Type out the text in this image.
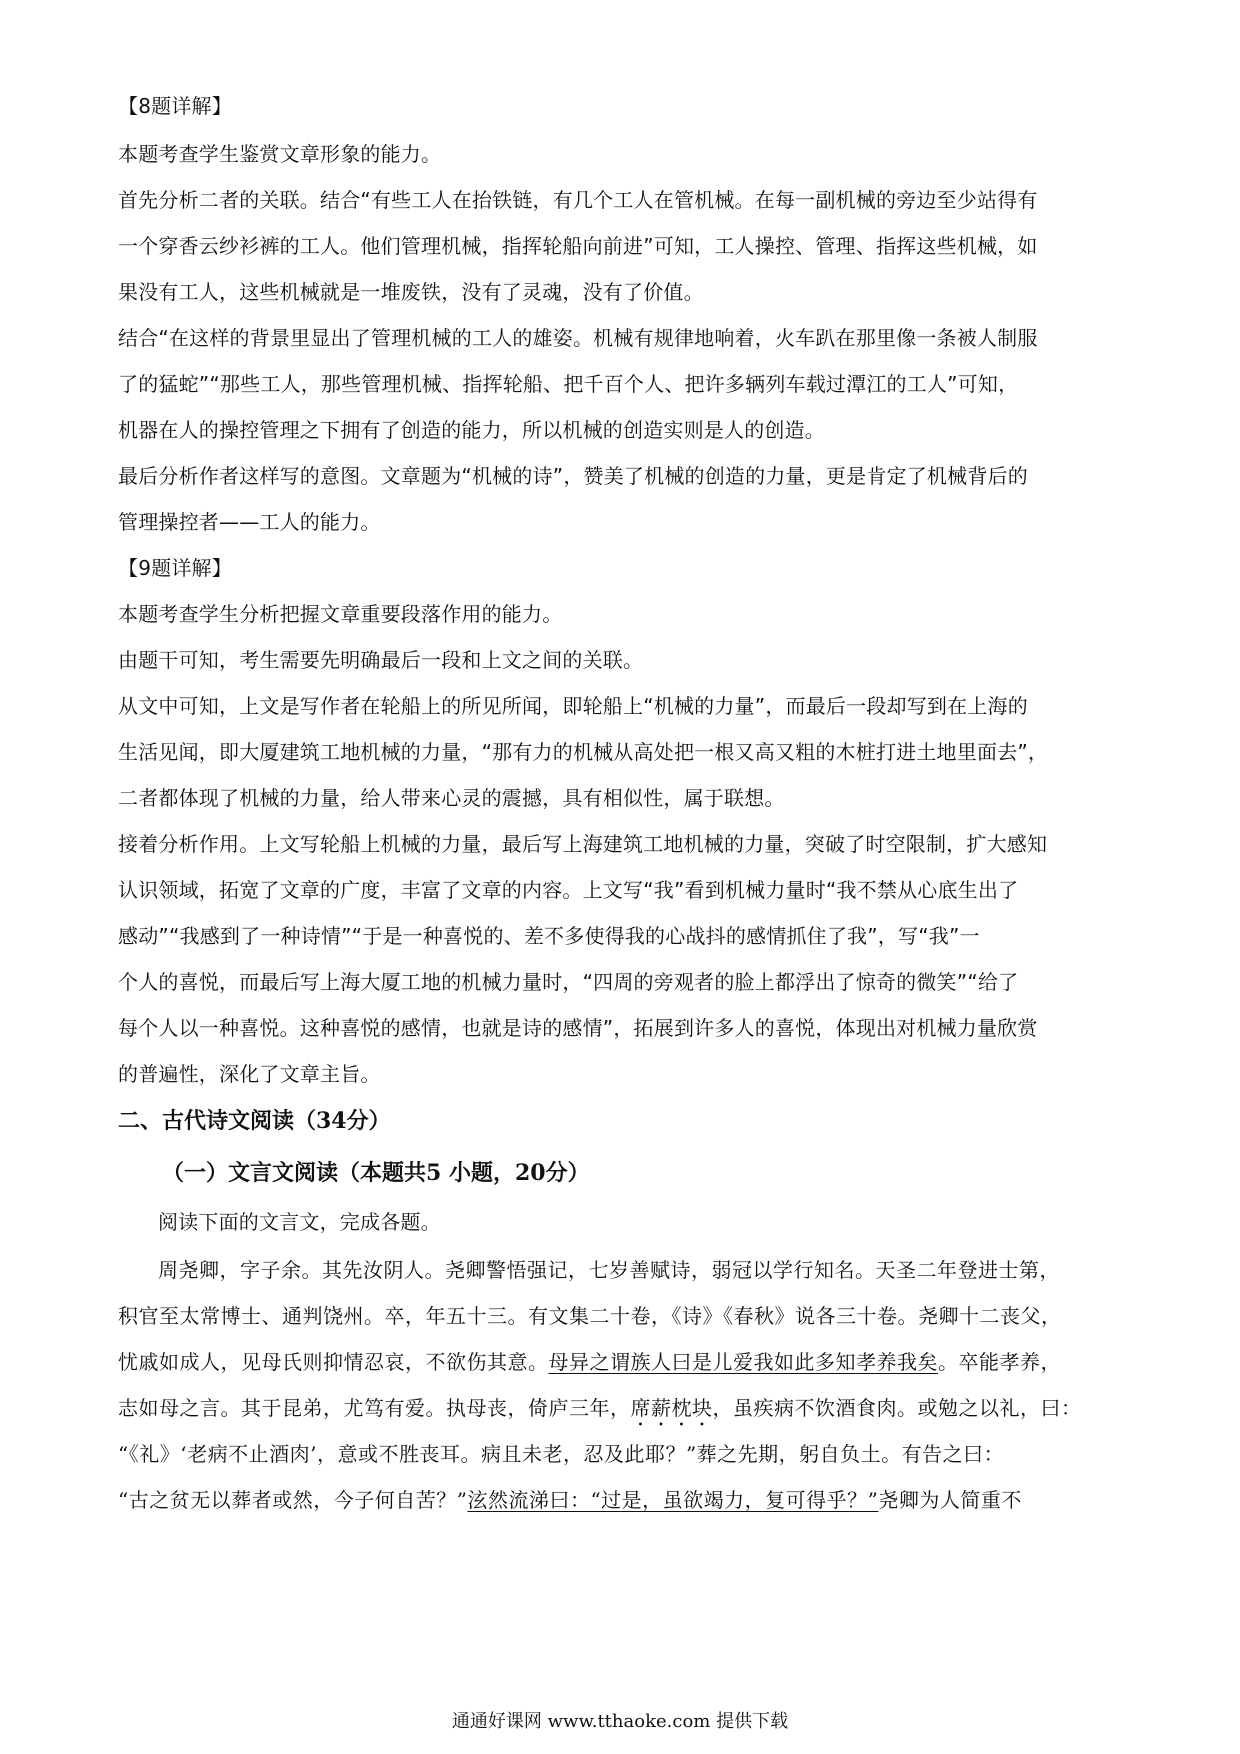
【8题详解】
本题考查学生鉴赏文章形象的能力。
首先分析二者的关联。结合“有些工人在抬铁链，有几个工人在管机械。在每一副机械的旁边至少站得有
一个穿香云纱衫裤的工人。他们管理机械，指挥轮船向前进”可知，工人操控、管理、指挥这些机械，如
果没有工人，这些机械就是一堆废铁，没有了灵魂，没有了价值。
结合“在这样的背景里显出了管理机械的工人的雄姿。机械有规律地响着，火车趴在那里像一条被人制服
了的猛蛇”“那些工人，那些管理机械、指挥轮船、把千百个人、把许多辆列车载过潭江的工人”可知，
机器在人的操控管理之下拥有了创造的能力，所以机械的创造实则是人的创造。
最后分析作者这样写的意图。文章题为“机械的诗”，赞美了机械的创造的力量，更是肯定了机械背后的
管理操控者——工人的能力。
【9题详解】
本题考查学生分析把握文章重要段落作用的能力。
由题干可知，考生需要先明确最后一段和上文之间的关联。
从文中可知，上文是写作者在轮船上的所见所闻，即轮船上“机械的力量”，而最后一段却写到在上海的
生活见闻，即大厦建筑工地机械的力量，“那有力的机械从高处把一根又高又粗的木桩打进土地里面去”，
二者都体现了机械的力量，给人带来心灵的震撼，具有相似性，属于联想。
接着分析作用。上文写轮船上机械的力量，最后写上海建筑工地机械的力量，突破了时空限制，扩大感知
认识领域，拓宽了文章的广度，丰富了文章的内容。上文写“我”看到机械力量时“我不禁从心底生出了
感动”“我感到了一种诗情”“于是一种喜悦的、差不多使得我的心战抖的感情抓住了我”，写“我”一
个人的喜悦，而最后写上海大厦工地的机械力量时，“四周的旁观者的脸上都浮出了惊奇的微笑”“给了
每个人以一种喜悦。这种喜悦的感情，也就是诗的感情”，拓展到许多人的喜悦，体现出对机械力量欣赏
的普遍性，深化了文章主旨。
二、古代诗文阅读（34分）
（一）文言文阅读（本题共5 小题，20分）
阅读下面的文言文，完成各题。
周尧卿，字子余。其先汝阴人。尧卿警悟强记，七岁善赋诗，弱冠以学行知名。天圣二年登进士第，
积官至太常博士、通判饶州。卒，年五十三。有文集二十卷，《诗》《春秋》说各三十卷。尧卿十二丧父，
忧戚如成人，见母氏则抑情忍哀，不欲伤其意。母异之谓族人曰是儿爱我如此多知孝养我矣。卒能孝养，
志如母之言。其于昆弟，尤笃有爱。执母丧，倚庐三年，席薪枕块，虽疾病不饮酒食肉。或勉之以礼，曰：
“《礼》‘老病不止酒肉’，意或不胜丧耳。病且未老，忍及此耶？”葬之先期，躬自负土。有告之曰：
“古之贫无以葬者或然，今子何自苦？”泫然流涕曰：“过是，虽欲竭力，复可得乎？”尧卿为人简重不
通通好课网 www.tthaoke.com 提供下载
